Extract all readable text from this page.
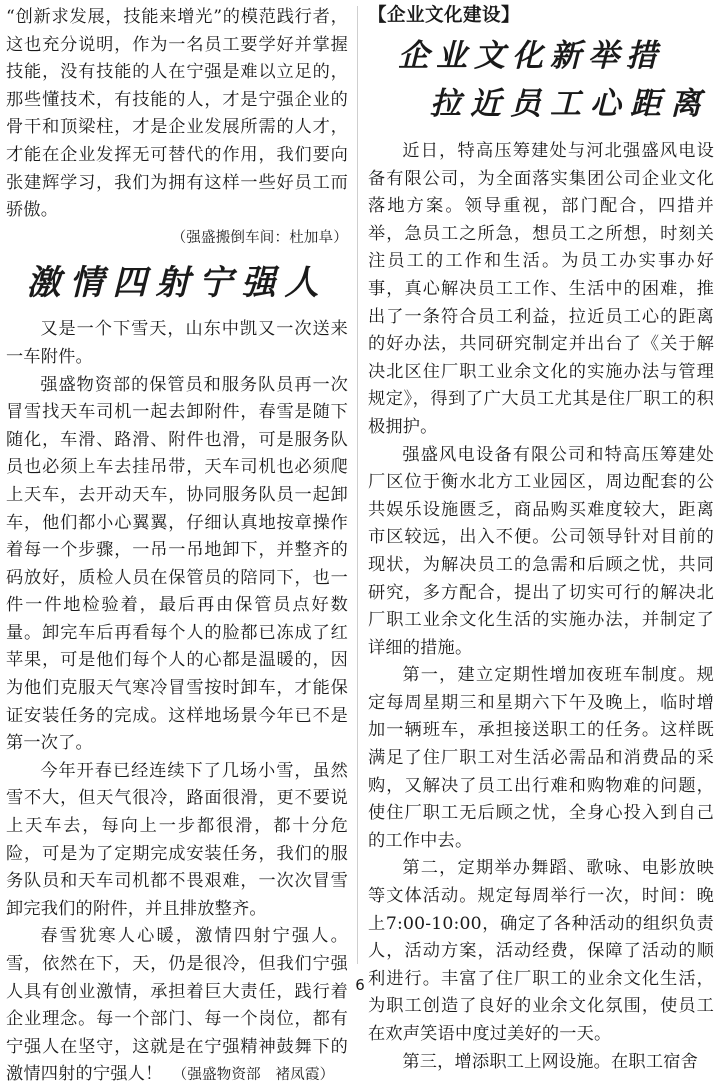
“创新求发展，技能来增光”的模范践行者，这也充分说明，作为一名员工要学好并掌握技能，没有技能的人在宁强是难以立足的，那些懂技术，有技能的人，才是宁强企业的骨干和顶梁柱，才是企业发展所需的人才，才能在企业发挥无可替代的作用，我们要向张建辉学习，我们为拥有这样一些好员工而骄傲。

（强盛搬倒车间：杜加阜）

激情四射宁强人

又是一个下雪天，山东中凯又一次送来一车附件。

强盛物资部的保管员和服务队员再一次冒雪找天车司机一起去卸附件，春雪是随下随化，车滑、路滑、附件也滑，可是服务队员也必须上车去挂吊带，天车司机也必须爬上天车，去开动天车，协同服务队员一起卸车，他们都小心翼翼，仔细认真地按章操作着每一个步骤，一吊一吊地卸下，并整齐的码放好，质检人员在保管员的陪同下，也一件一件地检验着，最后再由保管员点好数量。卸完车后再看每个人的脸都已冻成了红苹果，可是他们每个人的心都是温暖的，因为他们克服天气寒冷冒雪按时卸车，才能保证安装任务的完成。这样地场景今年已不是第一次了。

今年开春已经连续下了几场小雪，虽然雪不大，但天气很冷，路面很滑，更不要说上天车去，每向上一步都很滑，都十分危险，可是为了定期完成安装任务，我们的服务队员和天车司机都不畏艰难，一次次冒雪卸完我们的附件，并且排放整齐。

春雪犹寒人心暖，激情四射宁强人。雪，依然在下，天，仍是很冷，但我们宁强人具有创业激情，承担着巨大责任，践行着企业理念。每一个部门、每一个岗位，都有宁强人在坚守，这就是在宁强精神鼓舞下的激情四射的宁强人！　 （强盛物资部　褚凤霞）

【企业文化建设】
企业文化新举措
拉近员工心距离

近日，特高压筹建处与河北强盛风电设备有限公司，为全面落实集团公司企业文化落地方案。领导重视，部门配合，四措并举，急员工之所急，想员工之所想，时刻关注员工的工作和生活。为员工办实事办好事，真心解决员工工作、生活中的困难，推出了一条符合员工利益，拉近员工心的距离的好办法，共同研究制定并出台了《关于解决北区住厂职工业余文化的实施办法与管理规定》，得到了广大员工尤其是住厂职工的积极拥护。

强盛风电设备有限公司和特高压筹建处厂区位于衡水北方工业园区，周边配套的公共娱乐设施匮乏，商品购买难度较大，距离市区较远，出入不便。公司领导针对目前的现状，为解决员工的急需和后顾之忧，共同研究，多方配合，提出了切实可行的解决北厂职工业余文化生活的实施办法，并制定了详细的措施。

第一，建立定期性增加夜班车制度。规定每周星期三和星期六下午及晚上，临时增加一辆班车，承担接送职工的任务。这样既满足了住厂职工对生活必需品和消费品的采购，又解决了员工出行难和购物难的问题，使住厂职工无后顾之忧，全身心投入到自己的工作中去。

第二，定期举办舞蹈、歌咏、电影放映等文体活动。规定每周举行一次，时间：晚上7:00-10:00，确定了各种活动的组织负责人，活动方案，活动经费，保障了活动的顺利进行。丰富了住厂职工的业余文化生活，为职工创造了良好的业余文化氛围，使员工在欢声笑语中度过美好的一天。

第三，增添职工上网设施。在职工宿舍

6
